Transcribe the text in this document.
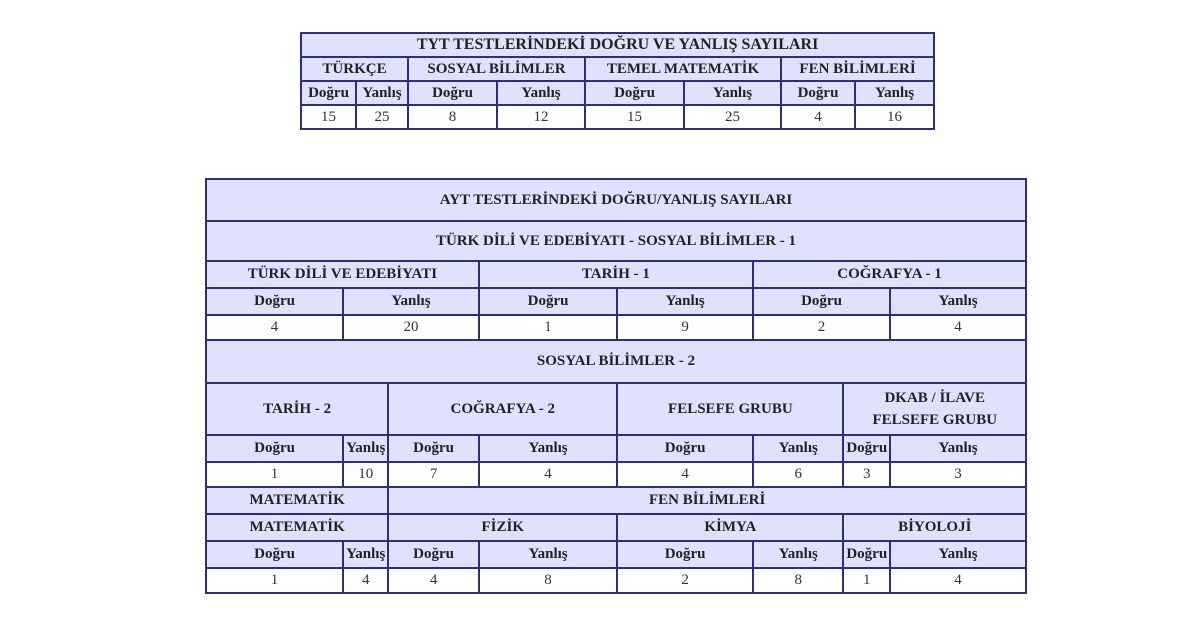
TYT TESTLERİNDEKİ DOĞRU VE YANLIŞ SAYILARI							
TÜRKÇE		SOSYAL BİLİMLER		TEMEL MATEMATİK		FEN BİLİMLERİ	
Doğru	Yanlış	Doğru	Yanlış	Doğru	Yanlış	Doğru	Yanlış
15	25	8	12	15	25	4	16
AYT TESTLERİNDEKİ DOĞRU/YANLIŞ SAYILARI							
TÜRK DİLİ VE EDEBİYATI - SOSYAL BİLİMLER - 1							
TÜRK DİLİ VE EDEBİYATI			TARİH - 1		COĞRAFYA - 1		
Doğru	Yanlış		Doğru	Yanlış	Doğru		Yanlış
4	20		1	9	2		4
SOSYAL BİLİMLER - 2							
TARİH - 2		COĞRAFYA - 2		FELSEFE GRUBU		DKAB / İLAVE
FELSEFE GRUBU	
Doğru	Yanlış	Doğru	Yanlış	Doğru	Yanlış	Doğru	Yanlış
1	10	7	4	4	6	3	3
MATEMATİK		FEN BİLİMLERİ					
MATEMATİK		FİZİK		KİMYA		BİYOLOJİ	
Doğru	Yanlış	Doğru	Yanlış	Doğru	Yanlış	Doğru	Yanlış
1	4	4	8	2	8	1	4
